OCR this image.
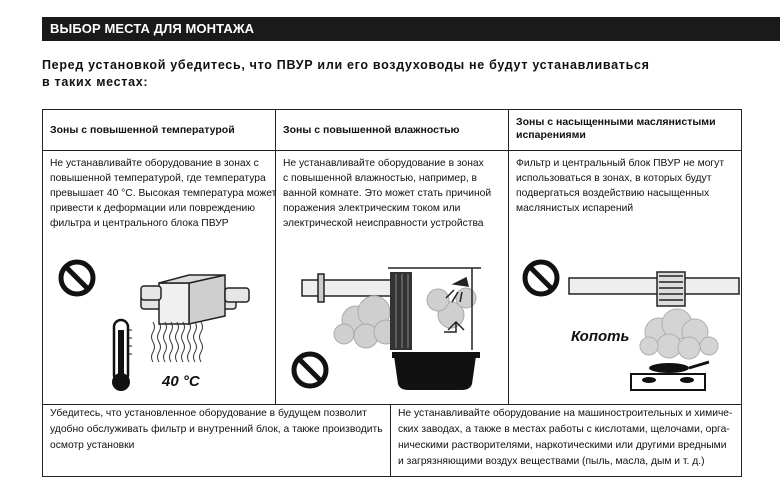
ВЫБОР МЕСТА ДЛЯ МОНТАЖА
Перед установкой убедитесь, что ПВУР или его воздуховоды не будут устанавливаться
в таких местах:
Зоны с повышенной температурой	Зоны с повышенной влажностью
Зоны с насыщенными маслянистыми
испарениями
Не устанавливайте оборудование в зонах с
повышенной температурой, где температура
превышает 40 °С. Высокая температура может
привести к деформации или повреждению
фильтра и центрального блока ПВУР
Не устанавливайте оборудование в зонах
с повышенной влажностью, например, в
ванной комнате. Это может стать причиной
поражения электрическим током или
электрической неисправности устройства
Фильтр и центральный блок ПВУР не могут
использоваться в зонах, в которых будут
подвергаться воздействию насыщенных
маслянистых испарений
40 °С
Копоть
Убедитесь, что установленное оборудование в будущем позволит
удобно обслуживать фильтр и внутренний блок, а также производить
осмотр установки
Не устанавливайте оборудование на машиностроительных и химиче-
ских заводах, а также в местах работы с кислотами, щелочами, орга-
ническими растворителями, наркотическими или другими вредными
и загрязняющими воздух веществами (пыль, масла, дым и т. д.)
